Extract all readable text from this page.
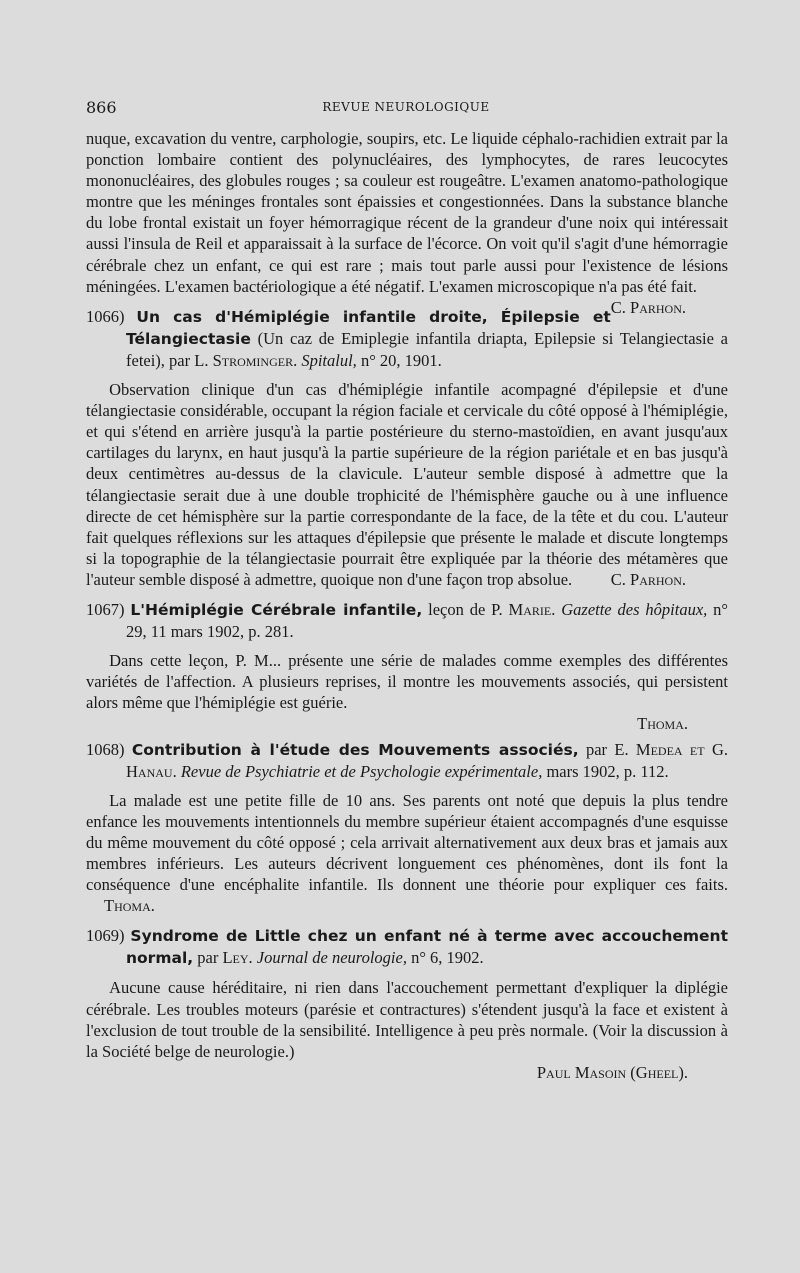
866	REVUE NEUROLOGIQUE

nuque, excavation du ventre, carphologie, soupirs, etc. Le liquide céphalo-rachidien extrait par la ponction lombaire contient des polynucléaires, des lymphocytes, de rares leucocytes mononucléaires, des globules rouges ; sa couleur est rougeâtre. L'examen anatomo-pathologique montre que les méninges frontales sont épaissies et congestionnées. Dans la substance blanche du lobe frontal existait un foyer hémorragique récent de la grandeur d'une noix qui intéressait aussi l'insula de Reil et apparaissait à la surface de l'écorce. On voit qu'il s'agit d'une hémorragie cérébrale chez un enfant, ce qui est rare ; mais tout parle aussi pour l'existence de lésions méningées. L'examen bactériologique a été négatif. L'examen microscopique n'a pas été fait.
C. Parhon.

1066) Un cas d'Hémiplégie infantile droite, Épilepsie et Télangiectasie (Un caz de Emiplegie infantila driapta, Epilepsie si Telangiectasie a fetei), par L. Strominger. Spitalul, n° 20, 1901.

Observation clinique d'un cas d'hémiplégie infantile acompagné d'épilepsie et d'une télangiectasie considérable, occupant la région faciale et cervicale du côté opposé à l'hémiplégie, et qui s'étend en arrière jusqu'à la partie postérieure du sterno-mastoïdien, en avant jusqu'aux cartilages du larynx, en haut jusqu'à la partie supérieure de la région pariétale et en bas jusqu'à deux centimètres au-dessus de la clavicule. L'auteur semble disposé à admettre que la télangiectasie serait due à une double trophicité de l'hémisphère gauche ou à une influence directe de cet hémisphère sur la partie correspondante de la face, de la tête et du cou. L'auteur fait quelques réflexions sur les attaques d'épilepsie que présente le malade et discute longtemps si la topographie de la télangiectasie pourrait être expliquée par la théorie des métamères que l'auteur semble disposé à admettre, quoique non d'une façon trop absolue.	C. Parhon.

1067) L'Hémiplégie Cérébrale infantile, leçon de P. Marie. Gazette des hôpitaux, n° 29, 11 mars 1902, p. 281.

Dans cette leçon, P. M... présente une série de malades comme exemples des différentes variétés de l'affection. A plusieurs reprises, il montre les mouvements associés, qui persistent alors même que l'hémiplégie est guérie.

Thoma.

1068) Contribution à l'étude des Mouvements associés, par E. Medea et G. Hanau. Revue de Psychiatrie et de Psychologie expérimentale, mars 1902, p. 112.

La malade est une petite fille de 10 ans. Ses parents ont noté que depuis la plus tendre enfance les mouvements intentionnels du membre supérieur étaient accompagnés d'une esquisse du même mouvement du côté opposé ; cela arrivait alternativement aux deux bras et jamais aux membres inférieurs. Les auteurs décrivent longuement ces phénomènes, dont ils font la conséquence d'une encéphalite infantile. Ils donnent une théorie pour expliquer ces faits. Thoma.

1069) Syndrome de Little chez un enfant né à terme avec accouchement normal, par Ley. Journal de neurologie, n° 6, 1902.

Aucune cause héréditaire, ni rien dans l'accouchement permettant d'expliquer la diplégie cérébrale. Les troubles moteurs (parésie et contractures) s'étendent jusqu'à la face et existent à l'exclusion de tout trouble de la sensibilité. Intelligence à peu près normale. (Voir la discussion à la Société belge de neurologie.)

Paul Masoin (Gheel).
